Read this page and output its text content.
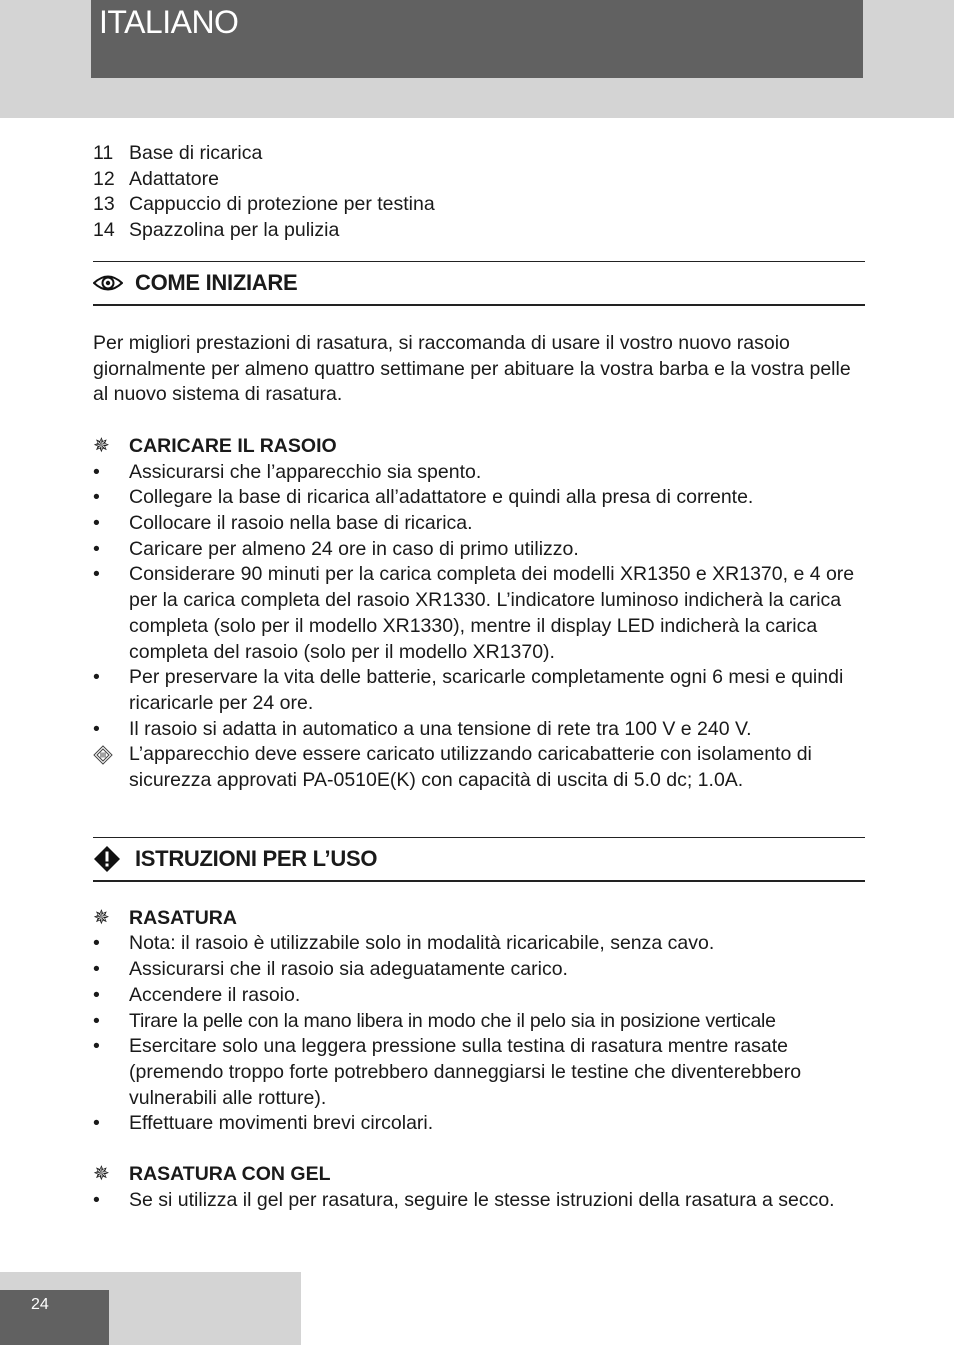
ITALIANO
11 Base di ricarica
12 Adattatore
13 Cappuccio di protezione per testina
14 Spazzolina per la pulizia
COME INIZIARE
Per migliori prestazioni di rasatura, si raccomanda di usare il vostro nuovo rasoio giornalmente per almeno quattro settimane per abituare la vostra barba e la vostra pelle al nuovo sistema di rasatura.
✵ CARICARE IL RASOIO
•	Assicurarsi che l’apparecchio sia spento.
•	Collegare la base di ricarica all’adattatore e quindi alla presa di corrente.
•	Collocare il rasoio nella base di ricarica.
•	Caricare per almeno 24 ore in caso di primo utilizzo.
•	Considerare 90 minuti per la carica completa dei modelli XR1350 e XR1370, e 4 ore per la carica completa del rasoio XR1330. L’indicatore luminoso indicherà la carica completa (solo per il modello XR1330), mentre il display LED indicherà la carica completa del rasoio (solo per il modello XR1370).
•	Per preservare la vita delle batterie, scaricarle completamente ogni 6 mesi e quindi ricaricarle per 24 ore.
•	Il rasoio si adatta in automatico a una tensione di rete tra 100 V e 240 V.
L’apparecchio deve essere caricato utilizzando caricabatterie con isolamento di sicurezza approvati PA-0510E(K) con capacità di uscita di 5.0 dc; 1.0A.
ISTRUZIONI PER L’USO
✵ RASATURA
•	Nota: il rasoio è utilizzabile solo in modalità ricaricabile, senza cavo.
•	Assicurarsi che il rasoio sia adeguatamente carico.
•	Accendere il rasoio.
•	Tirare la pelle con la mano libera in modo che il pelo sia in posizione verticale
•	Esercitare solo una leggera pressione sulla testina di rasatura mentre rasate (premendo troppo forte potrebbero danneggiarsi le testine che diventerebbero vulnerabili alle rotture).
•	Effettuare movimenti brevi circolari.
✵ RASATURA CON GEL
•	Se si utilizza il gel per rasatura, seguire le stesse istruzioni della rasatura a secco.
24
